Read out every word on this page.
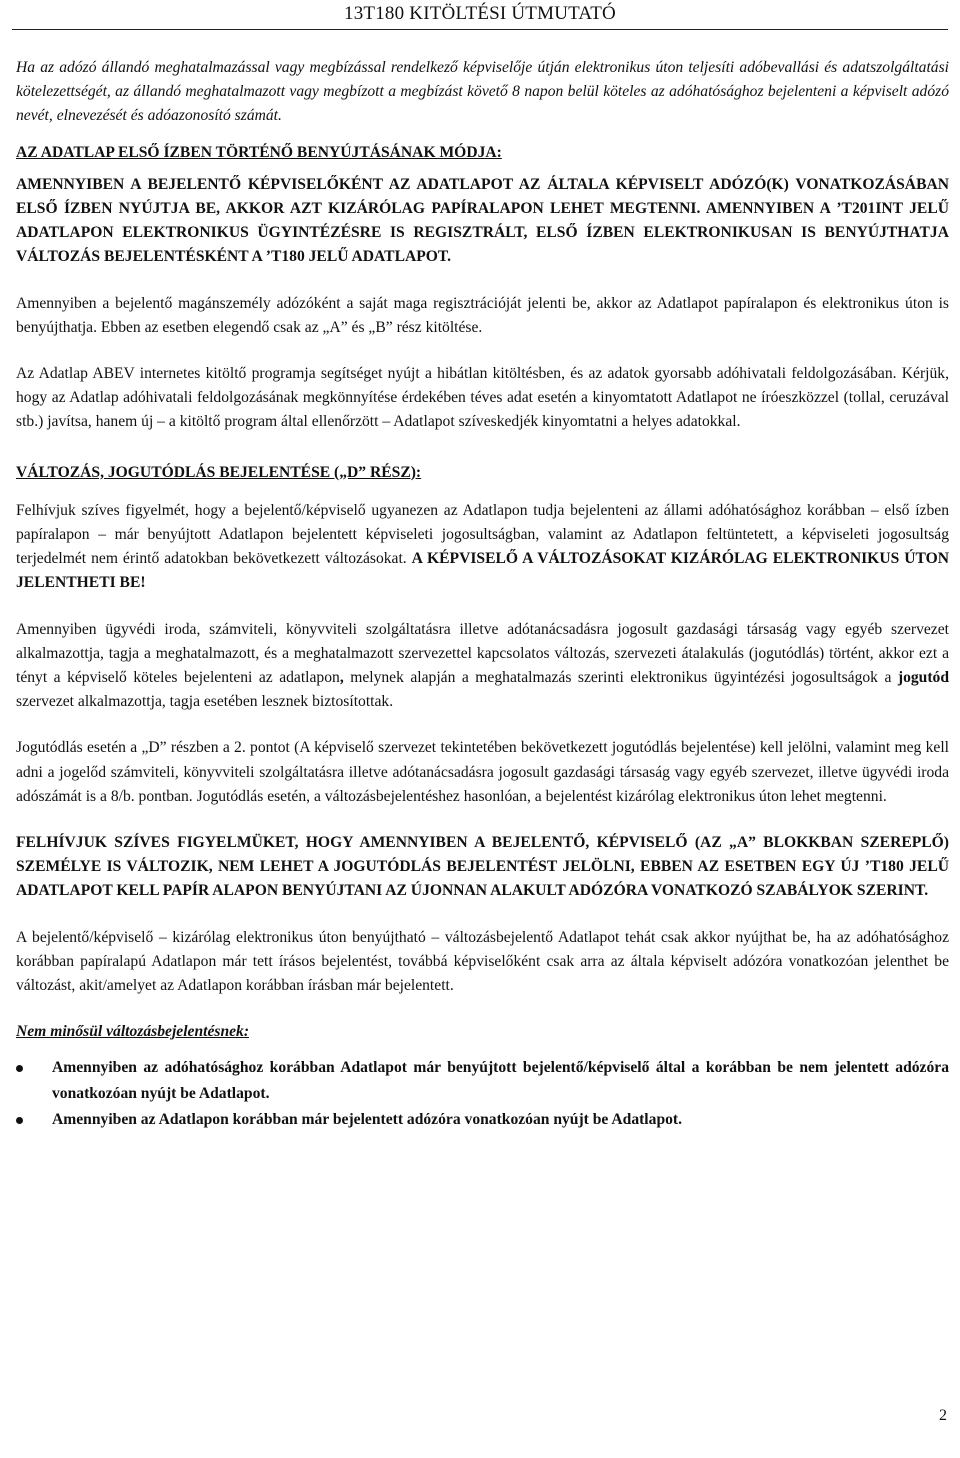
13T180 KITÖLTÉSI ÚTMUTATÓ

Ha az adózó állandó meghatalmazással vagy megbízással rendelkező képviselője útján elektronikus úton teljesíti adóbevallási és adatszolgáltatási kötelezettségét, az állandó meghatalmazott vagy megbízott a megbízást követő 8 napon belül köteles az adóhatósághoz bejelenteni a képviselt adózó nevét, elnevezését és adóazonosító számát.

AZ ADATLAP ELSŐ ÍZBEN TÖRTÉNŐ BENYÚJTÁSÁNAK MÓDJA:

AMENNYIBEN A BEJELENTŐ KÉPVISELŐKÉNT AZ ADATLAPOT AZ ÁLTALA KÉPVISELT ADÓZÓ(K) VONATKOZÁSÁBAN ELSŐ ÍZBEN NYÚJTJA BE, AKKOR AZT KIZÁRÓLAG PAPÍRALAPON LEHET MEGTENNI. AMENNYIBEN A ’T201INT JELŰ ADATLAPON ELEKTRONIKUS ÜGYINTÉZÉSRE IS REGISZTRÁLT, ELSŐ ÍZBEN ELEKTRONIKUSAN IS BENYÚJTHATJA VÁLTOZÁS BEJELENTÉSKÉNT A ’T180 JELŰ ADATLAPOT.

Amennyiben a bejelentő magánszemély adózóként a saját maga regisztrációját jelenti be, akkor az Adatlapot papíralapon és elektronikus úton is benyújthatja. Ebben az esetben elegendő csak az „A” és „B” rész kitöltése.

Az Adatlap ABEV internetes kitöltő programja segítséget nyújt a hibátlan kitöltésben, és az adatok gyorsabb adóhivatali feldolgozásában. Kérjük, hogy az Adatlap adóhivatali feldolgozásának megkönnyítése érdekében téves adat esetén a kinyomtatott Adatlapot ne íróeszközzel (tollal, ceruzával stb.) javítsa, hanem új – a kitöltő program által ellenőrzött – Adatlapot szíveskedjék kinyomtatni a helyes adatokkal.

VÁLTOZÁS, JOGUTÓDLÁS BEJELENTÉSE („D” RÉSZ):

Felhívjuk szíves figyelmét, hogy a bejelentő/képviselő ugyanezen az Adatlapon tudja bejelenteni az állami adóhatósághoz korábban – első ízben papíralapon – már benyújtott Adatlapon bejelentett képviseleti jogosultságban, valamint az Adatlapon feltüntetett, a képviseleti jogosultság terjedelmét nem érintő adatokban bekövetkezett változásokat. A KÉPVISELŐ A VÁLTOZÁSOKAT KIZÁRÓLAG ELEKTRONIKUS ÚTON JELENTHETI BE!

Amennyiben ügyvédi iroda, számviteli, könyvviteli szolgáltatásra illetve adótanácsadásra jogosult gazdasági társaság vagy egyéb szervezet alkalmazottja, tagja a meghatalmazott, és a meghatalmazott szervezettel kapcsolatos változás, szervezeti átalakulás (jogutódlás) történt, akkor ezt a tényt a képviselő köteles bejelenteni az adatlapon, melynek alapján a meghatalmazás szerinti elektronikus ügyintézési jogosultságok a jogutód szervezet alkalmazottja, tagja esetében lesznek biztosítottak.

Jogutódlás esetén a „D” részben a 2. pontot (A képviselő szervezet tekintetében bekövetkezett jogutódlás bejelentése) kell jelölni, valamint meg kell adni a jogelőd számviteli, könyvviteli szolgáltatásra illetve adótanácsadásra jogosult gazdasági társaság vagy egyéb szervezet, illetve ügyvédi iroda adószámát is a 8/b. pontban. Jogutódlás esetén, a változásbejelentéshez hasonlóan, a bejelentést kizárólag elektronikus úton lehet megtenni.

FELHÍVJUK SZÍVES FIGYELMÜKET, HOGY AMENNYIBEN A BEJELENTŐ, KÉPVISELŐ (AZ „A” BLOKKBAN SZEREPLŐ) SZEMÉLYE IS VÁLTOZIK, NEM LEHET A JOGUTÓDLÁS BEJELENTÉST JELÖLNI, EBBEN AZ ESETBEN EGY ÚJ ’T180 JELŰ ADATLAPOT KELL PAPÍR ALAPON BENYÚJTANI AZ ÚJONNAN ALAKULT ADÓZÓRA VONATKOZÓ SZABÁLYOK SZERINT.

A bejelentő/képviselő – kizárólag elektronikus úton benyújtható – változásbejelentő Adatlapot tehát csak akkor nyújthat be, ha az adóhatósághoz korábban papíralapú Adatlapon már tett írásos bejelentést, továbbá képviselőként csak arra az általa képviselt adózóra vonatkozóan jelenthet be változást, akit/amelyet az Adatlapon korábban írásban már bejelentett.

Nem minősül változásbejelentésnek:

Amennyiben az adóhatósághoz korábban Adatlapot már benyújtott bejelentő/képviselő által a korábban be nem jelentett adózóra vonatkozóan nyújt be Adatlapot.
Amennyiben az Adatlapon korábban már bejelentett adózóra vonatkozóan nyújt be Adatlapot.
2
